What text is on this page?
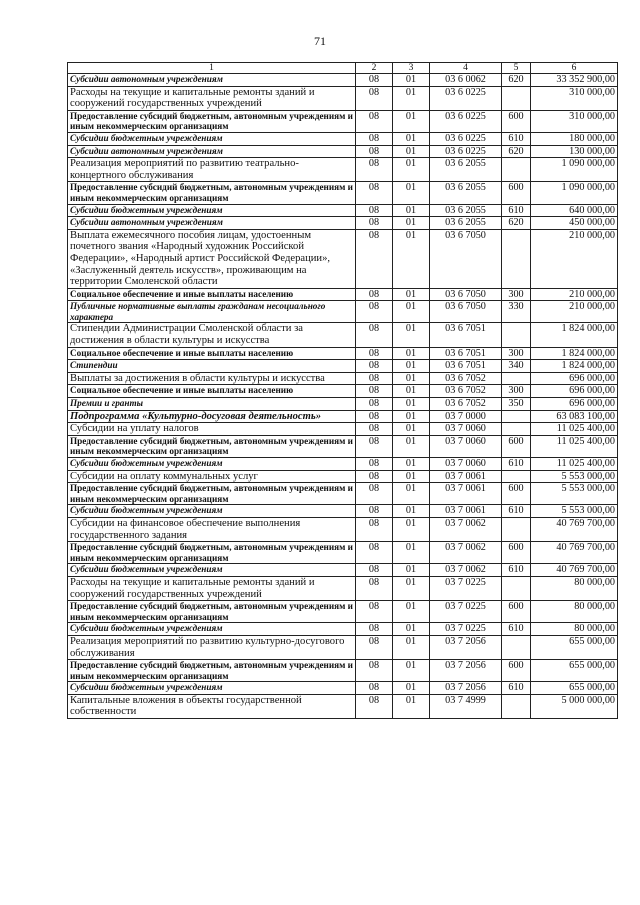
71
1	2	3	4	5	6
Субсидии автономным учреждениям	08	01	03 6 0062	620	33 352 900,00
Расходы на текущие и капитальные ремонты зданий и сооружений государственных учреждений	08	01	03 6 0225		310 000,00
Предоставление субсидий бюджетным, автономным учреждениям и иным некоммерческим организациям	08	01	03 6 0225	600	310 000,00
Субсидии бюджетным учреждениям	08	01	03 6 0225	610	180 000,00
Субсидии автономным учреждениям	08	01	03 6 0225	620	130 000,00
Реализация мероприятий по развитию театрально-концертного обслуживания	08	01	03 6 2055		1 090 000,00
Предоставление субсидий бюджетным, автономным учреждениям и иным некоммерческим организациям	08	01	03 6 2055	600	1 090 000,00
Субсидии бюджетным учреждениям	08	01	03 6 2055	610	640 000,00
Субсидии автономным учреждениям	08	01	03 6 2055	620	450 000,00
Выплата ежемесячного пособия лицам, удостоенным почетного звания «Народный художник Российской Федерации», «Народный артист Российской Федерации», «Заслуженный деятель искусств», проживающим на территории Смоленской области	08	01	03 6 7050		210 000,00
Социальное обеспечение и иные выплаты населению	08	01	03 6 7050	300	210 000,00
Публичные нормативные выплаты гражданам несоциального характера	08	01	03 6 7050	330	210 000,00
Стипендии Администрации Смоленской области за достижения в области культуры и искусства	08	01	03 6 7051		1 824 000,00
Социальное обеспечение и иные выплаты населению	08	01	03 6 7051	300	1 824 000,00
Стипендии	08	01	03 6 7051	340	1 824 000,00
Выплаты за достижения в области культуры и искусства	08	01	03 6 7052		696 000,00
Социальное обеспечение и иные выплаты населению	08	01	03 6 7052	300	696 000,00
Премии и гранты	08	01	03 6 7052	350	696 000,00
Подпрограмма «Культурно-досуговая деятельность»	08	01	03 7 0000		63 083 100,00
Субсидии на уплату налогов	08	01	03 7 0060		11 025 400,00
Предоставление субсидий бюджетным, автономным учреждениям и иным некоммерческим организациям	08	01	03 7 0060	600	11 025 400,00
Субсидии бюджетным учреждениям	08	01	03 7 0060	610	11 025 400,00
Субсидии на оплату коммунальных услуг	08	01	03 7 0061		5 553 000,00
Предоставление субсидий бюджетным, автономным учреждениям и иным некоммерческим организациям	08	01	03 7 0061	600	5 553 000,00
Субсидии бюджетным учреждениям	08	01	03 7 0061	610	5 553 000,00
Субсидии на финансовое обеспечение выполнения государственного задания	08	01	03 7 0062		40 769 700,00
Предоставление субсидий бюджетным, автономным учреждениям и иным некоммерческим организациям	08	01	03 7 0062	600	40 769 700,00
Субсидии бюджетным учреждениям	08	01	03 7 0062	610	40 769 700,00
Расходы на текущие и капитальные ремонты зданий и сооружений государственных учреждений	08	01	03 7 0225		80 000,00
Предоставление субсидий бюджетным, автономным учреждениям и иным некоммерческим организациям	08	01	03 7 0225	600	80 000,00
Субсидии бюджетным учреждениям	08	01	03 7 0225	610	80 000,00
Реализация мероприятий по развитию культурно-досугового обслуживания	08	01	03 7 2056		655 000,00
Предоставление субсидий бюджетным, автономным учреждениям и иным некоммерческим организациям	08	01	03 7 2056	600	655 000,00
Субсидии бюджетным учреждениям	08	01	03 7 2056	610	655 000,00
Капитальные вложения в объекты государственной собственности	08	01	03 7 4999		5 000 000,00
